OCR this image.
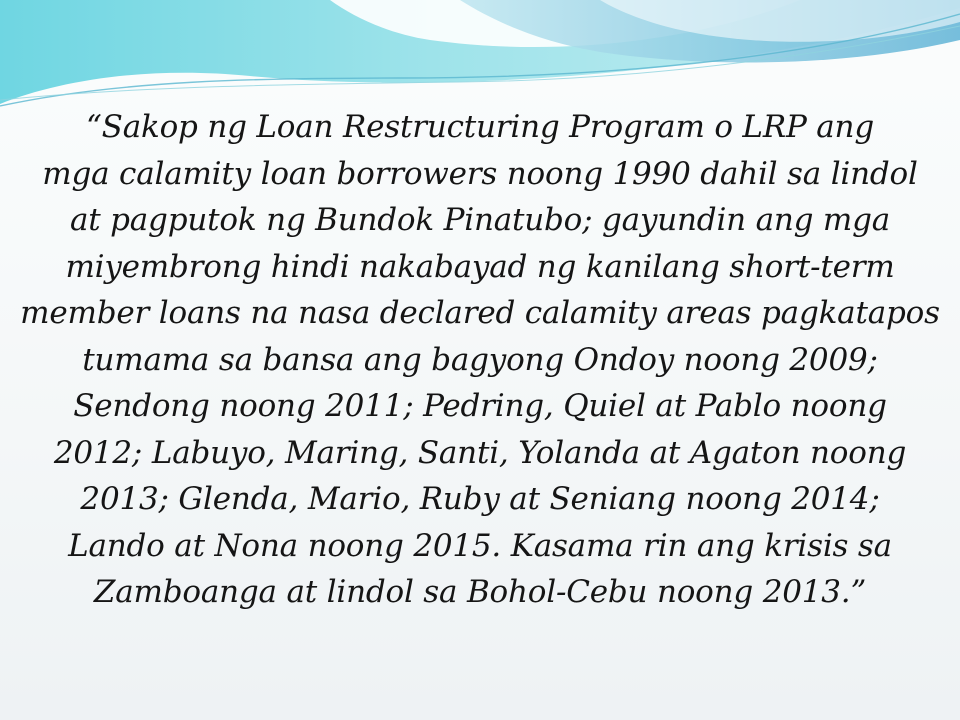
“Sakop ng Loan Restructuring Program o LRP ang
mga calamity loan borrowers noong 1990 dahil sa lindol
at pagputok ng Bundok Pinatubo; gayundin ang mga
miyembrong hindi nakabayad ng kanilang short-term
member loans na nasa declared calamity areas pagkatapos
tumama sa bansa ang bagyong Ondoy noong 2009;
Sendong noong 2011; Pedring, Quiel at Pablo noong
2012; Labuyo, Maring, Santi, Yolanda at Agaton noong
2013; Glenda, Mario, Ruby at Seniang noong 2014;
Lando at Nona noong 2015. Kasama rin ang krisis sa
Zamboanga at lindol sa Bohol-Cebu noong 2013.”
